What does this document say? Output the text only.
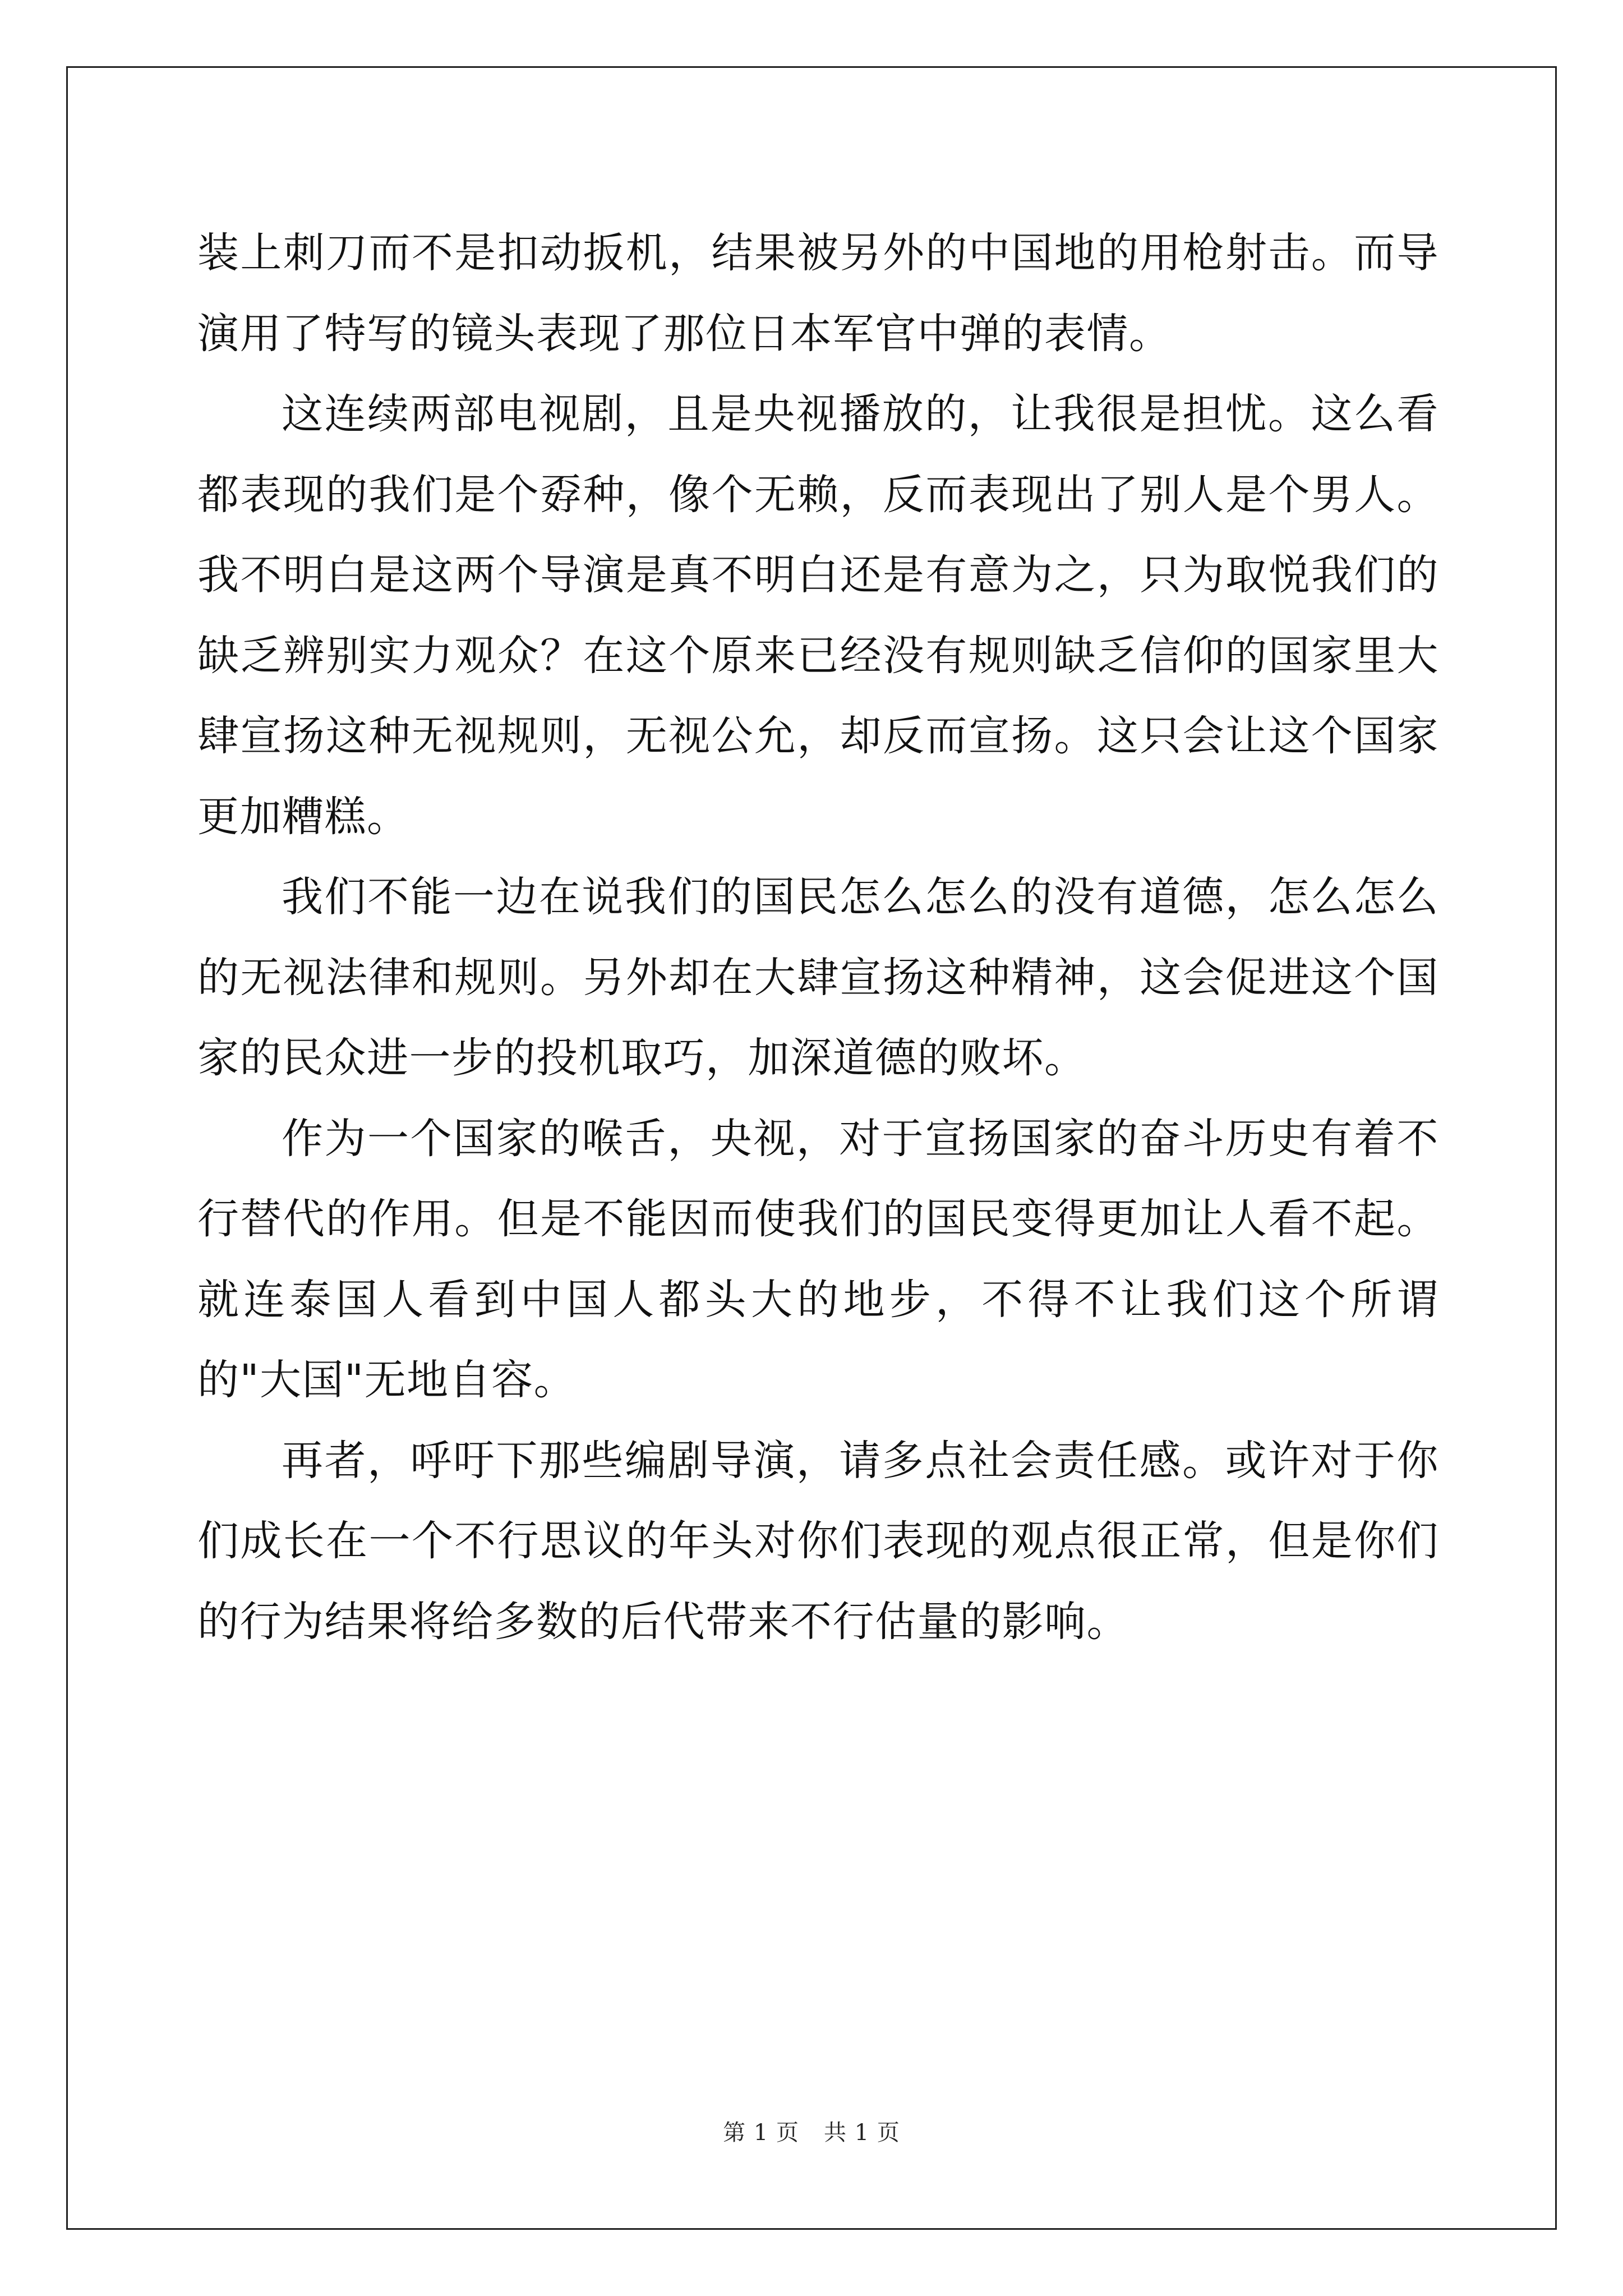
装上刺刀而不是扣动扳机，结果被另外的中国地的用枪射击。而导演用了特写的镜头表现了那位日本军官中弹的表情。

这连续两部电视剧，且是央视播放的，让我很是担忧。这么看都表现的我们是个孬种，像个无赖，反而表现出了别人是个男人。我不明白是这两个导演是真不明白还是有意为之，只为取悦我们的缺乏辨别实力观众？在这个原来已经没有规则缺乏信仰的国家里大肆宣扬这种无视规则，无视公允，却反而宣扬。这只会让这个国家更加糟糕。

我们不能一边在说我们的国民怎么怎么的没有道德，怎么怎么的无视法律和规则。另外却在大肆宣扬这种精神，这会促进这个国家的民众进一步的投机取巧，加深道德的败坏。

作为一个国家的喉舌，央视，对于宣扬国家的奋斗历史有着不行替代的作用。但是不能因而使我们的国民变得更加让人看不起。就连泰国人看到中国人都头大的地步，不得不让我们这个所谓的"大国"无地自容。

再者，呼吁下那些编剧导演，请多点社会责任感。或许对于你们成长在一个不行思议的年头对你们表现的观点很正常，但是你们的行为结果将给多数的后代带来不行估量的影响。

第 1 页 共 1 页
